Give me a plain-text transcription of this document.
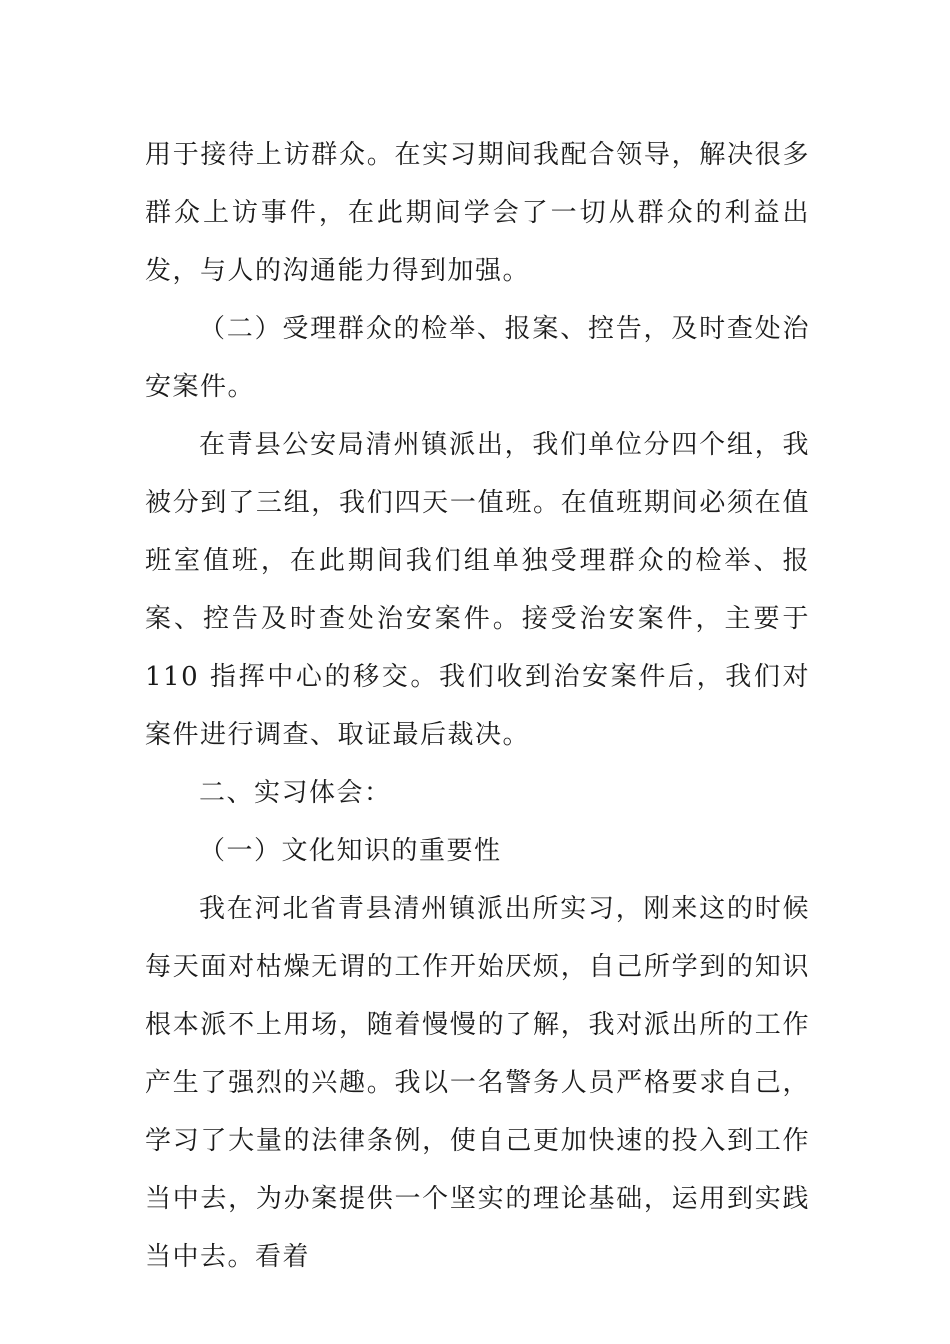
用于接待上访群众。在实习期间我配合领导，解决很多群众上访事件，在此期间学会了一切从群众的利益出发，与人的沟通能力得到加强。

（二）受理群众的检举、报案、控告，及时查处治安案件。

在青县公安局清州镇派出，我们单位分四个组，我被分到了三组，我们四天一值班。在值班期间必须在值班室值班，在此期间我们组单独受理群众的检举、报案、控告及时查处治安案件。接受治安案件，主要于 110 指挥中心的移交。我们收到治安案件后，我们对案件进行调查、取证最后裁决。

二、实习体会：

（一）文化知识的重要性

我在河北省青县清州镇派出所实习，刚来这的时候每天面对枯燥无谓的工作开始厌烦，自己所学到的知识根本派不上用场，随着慢慢的了解，我对派出所的工作产生了强烈的兴趣。我以一名警务人员严格要求自己，学习了大量的法律条例，使自己更加快速的投入到工作当中去，为办案提供一个坚实的理论基础，运用到实践当中去。看着
